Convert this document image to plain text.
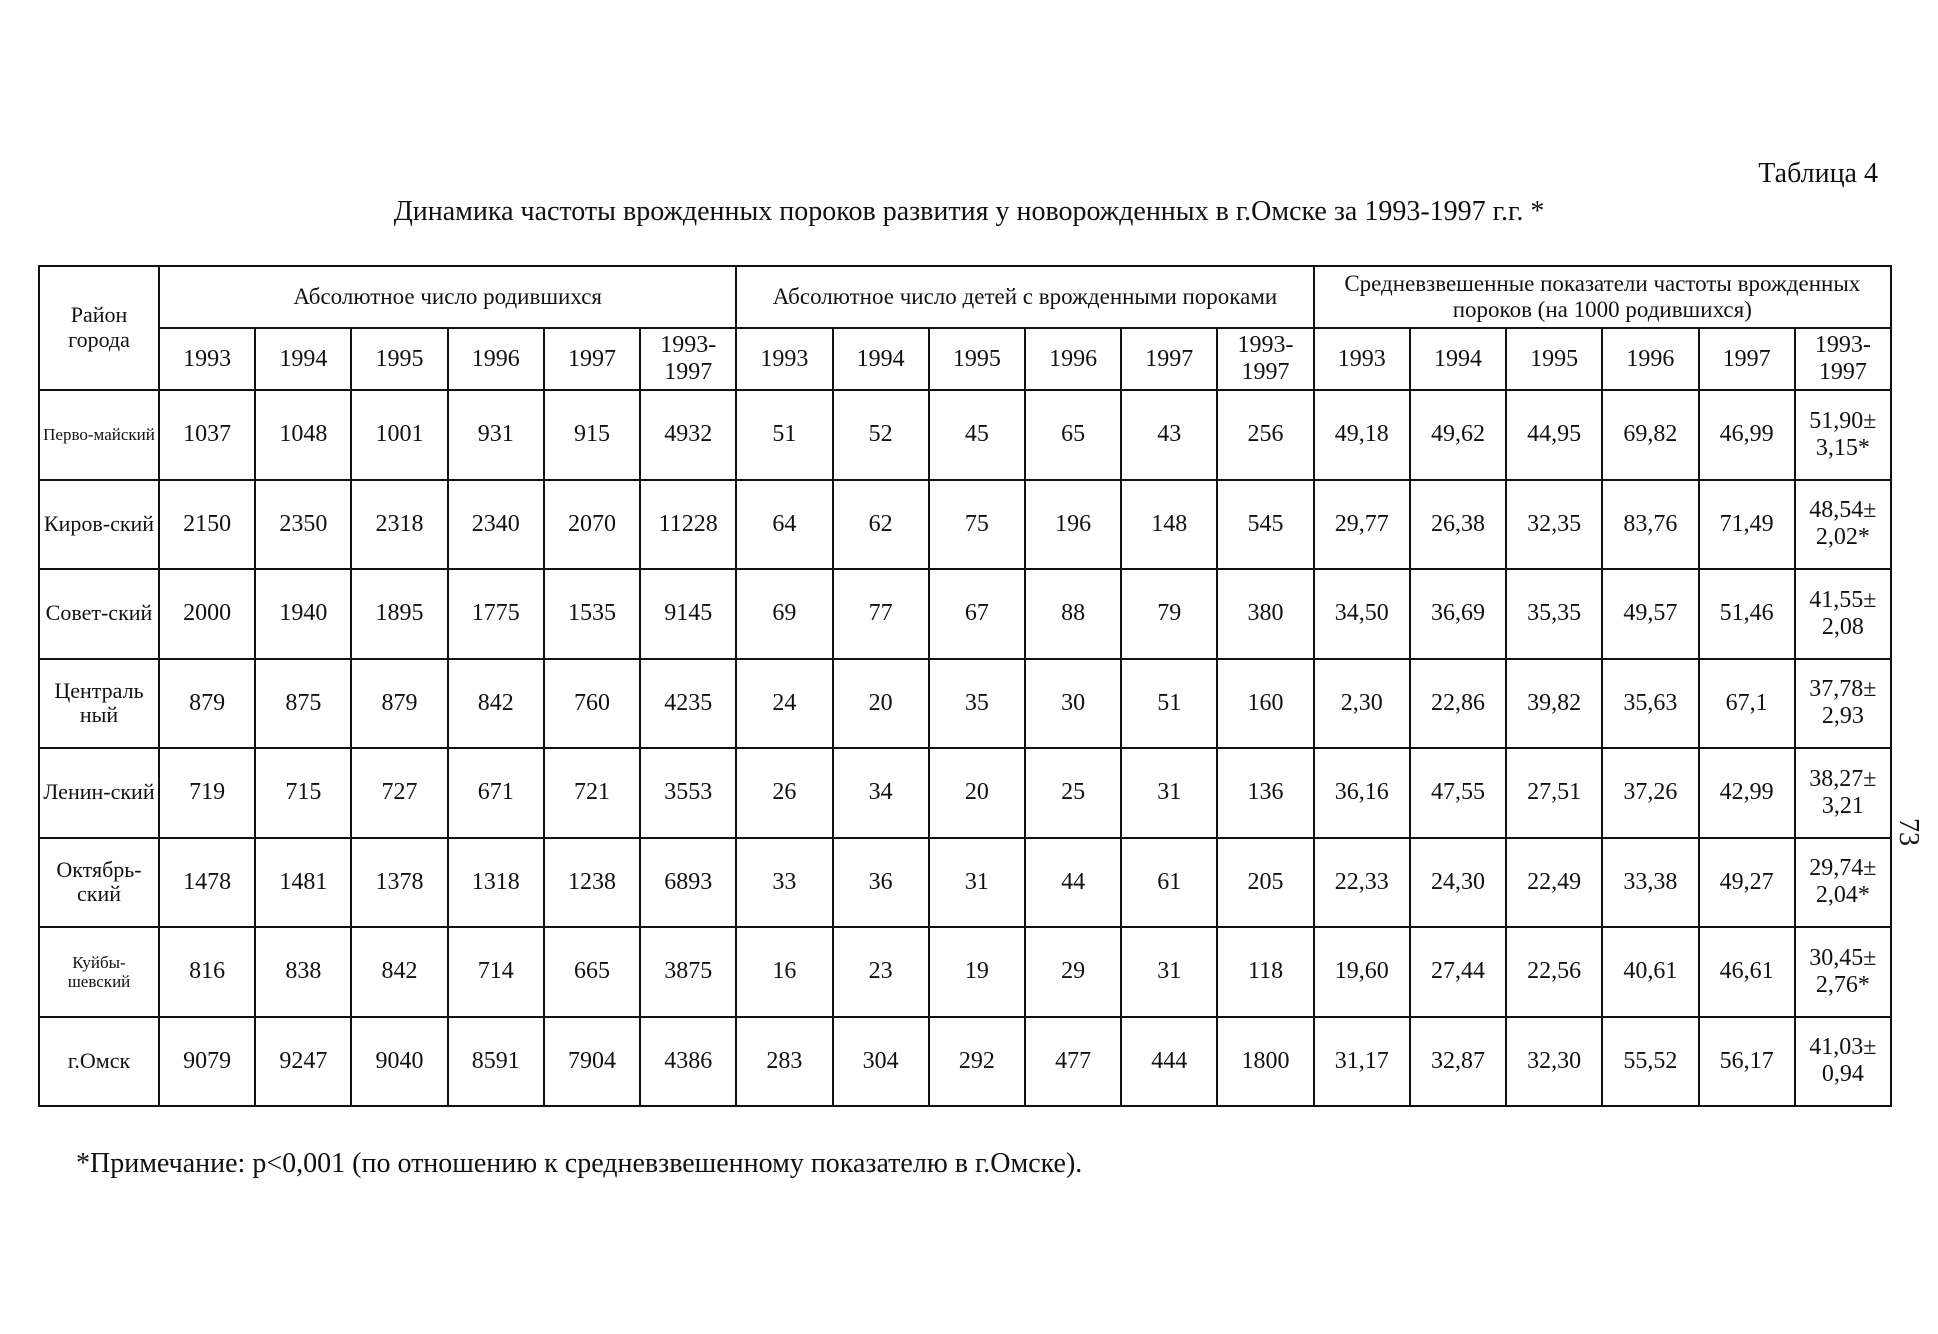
Таблица 4
Динамика частоты врожденных пороков развития у новорожденных в г.Омске за 1993-1997 г.г. *
73
Район города	Абсолютное число родившихся						Абсолютное число детей с врожденными пороками						Средневзвешенные показатели частоты врожденных пороков (на 1000 родившихся)					
	1993	1994	1995	1996	1997	1993-1997	1993	1994	1995	1996	1997	1993-1997	1993	1994	1995	1996	1997	1993-1997
Перво-майский	1037	1048	1001	931	915	4932	51	52	45	65	43	256	49,18	49,62	44,95	69,82	46,99	51,90± 3,15*
Киров-ский	2150	2350	2318	2340	2070	11228	64	62	75	196	148	545	29,77	26,38	32,35	83,76	71,49	48,54± 2,02*
Совет-ский	2000	1940	1895	1775	1535	9145	69	77	67	88	79	380	34,50	36,69	35,35	49,57	51,46	41,55± 2,08
Централь ный	879	875	879	842	760	4235	24	20	35	30	51	160	2,30	22,86	39,82	35,63	67,1	37,78± 2,93
Ленин-ский	719	715	727	671	721	3553	26	34	20	25	31	136	36,16	47,55	27,51	37,26	42,99	38,27± 3,21
Октябрь-ский	1478	1481	1378	1318	1238	6893	33	36	31	44	61	205	22,33	24,30	22,49	33,38	49,27	29,74± 2,04*
Куйбы-шевский	816	838	842	714	665	3875	16	23	19	29	31	118	19,60	27,44	22,56	40,61	46,61	30,45± 2,76*
г.Омск	9079	9247	9040	8591	7904	4386	283	304	292	477	444	1800	31,17	32,87	32,30	55,52	56,17	41,03± 0,94
*Примечание: p<0,001 (по отношению к средневзвешенному показателю в г.Омске).
